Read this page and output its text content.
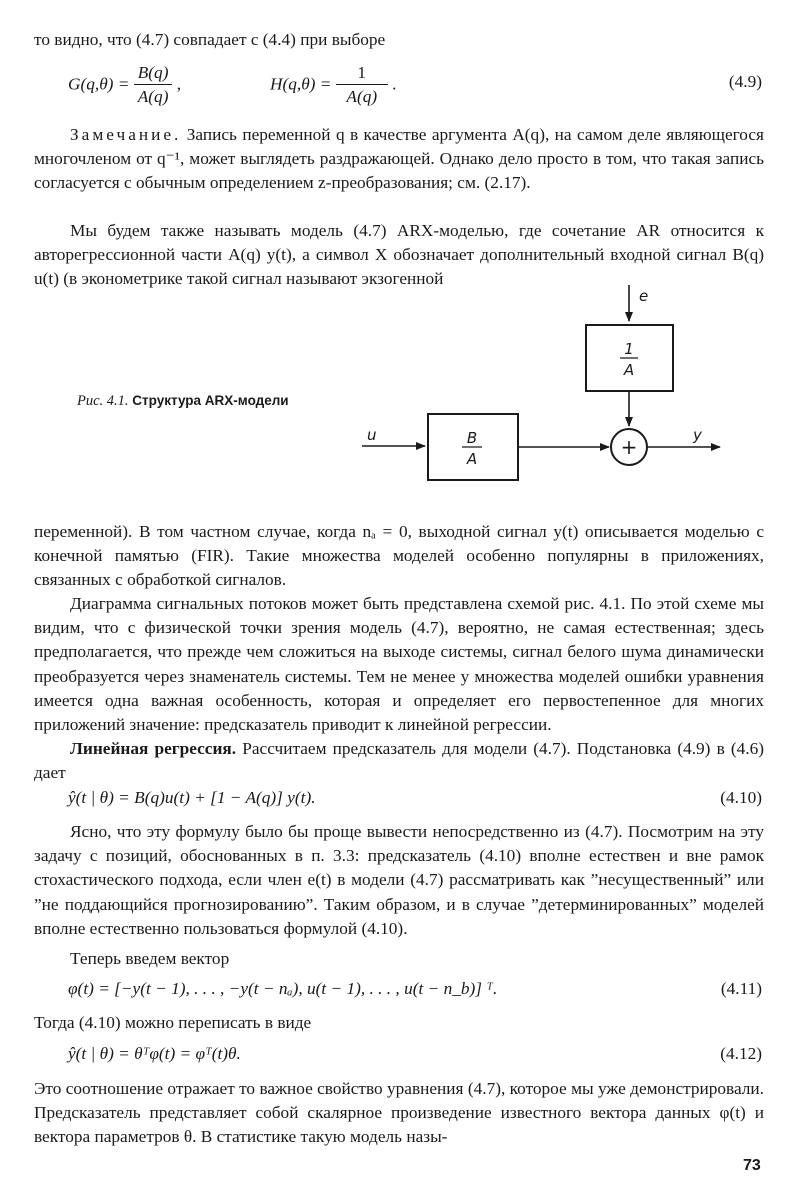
то видно, что (4.7) совпадает с (4.4) при выборе

$G(q,\theta) = \frac{B(q)}{A(q)}$ ,	$H(q,\theta) = \frac{1}{A(q)}$ .	(4.9)

Замечание. Запись переменной q в качестве аргумента A(q), на самом деле являющегося многочленом от q⁻¹, может выглядеть раздражающей. Однако дело просто в том, что такая запись согласуется с обычным определением z-преобразования; см. (2.17).

Мы будем также называть модель (4.7) ARX-моделью, где сочетание AR относится к авторегрессионной части A(q) y(t), а символ X обозначает дополнительный входной сигнал B(q) u(t) (в эконометрике такой сигнал называют экзогенной

e
1
A
u	B
A	+	y
Рис. 4.1. Структура ARX-модели

переменной). В том частном случае, когда nₐ = 0, выходной сигнал y(t) описывается моделью с конечной памятью (FIR). Такие множества моделей особенно популярны в приложениях, связанных с обработкой сигналов.

Диаграмма сигнальных потоков может быть представлена схемой рис. 4.1. По этой схеме мы видим, что с физической точки зрения модель (4.7), вероятно, не самая естественная; здесь предполагается, что прежде чем сложиться на выходе системы, сигнал белого шума динамически преобразуется через знаменатель системы. Тем не менее у множества моделей ошибки уравнения имеется одна важная особенность, которая и определяет его первостепенное для многих приложений значение: предсказатель приводит к линейной регрессии.

Линейная регрессия. Рассчитаем предсказатель для модели (4.7). Подстановка (4.9) в (4.6) дает

ŷ(t | θ) = B(q)u(t) + [1 − A(q)] y(t).	(4.10)

Ясно, что эту формулу было бы проще вывести непосредственно из (4.7). Посмотрим на эту задачу с позиций, обоснованных в п. 3.3: предсказатель (4.10) вполне естествен и вне рамок стохастического подхода, если член e(t) в модели (4.7) рассматривать как ”несущественный” или ”не поддающийся прогнозированию”. Таким образом, и в случае ”детерминированных” моделей вполне естественно пользоваться формулой (4.10).

Теперь введем вектор

φ(t) = [−y(t − 1), . . . , −y(t − nₐ), u(t − 1), . . . , u(t − n_b)] ᵀ.	(4.11)

Тогда (4.10) можно переписать в виде

ŷ(t | θ) = θᵀφ(t) = φᵀ(t)θ.	(4.12)

Это соотношение отражает то важное свойство уравнения (4.7), которое мы уже демонстрировали. Предсказатель представляет собой скалярное произведение известного вектора данных φ(t) и вектора параметров θ. В статистике такую модель назы-

73
